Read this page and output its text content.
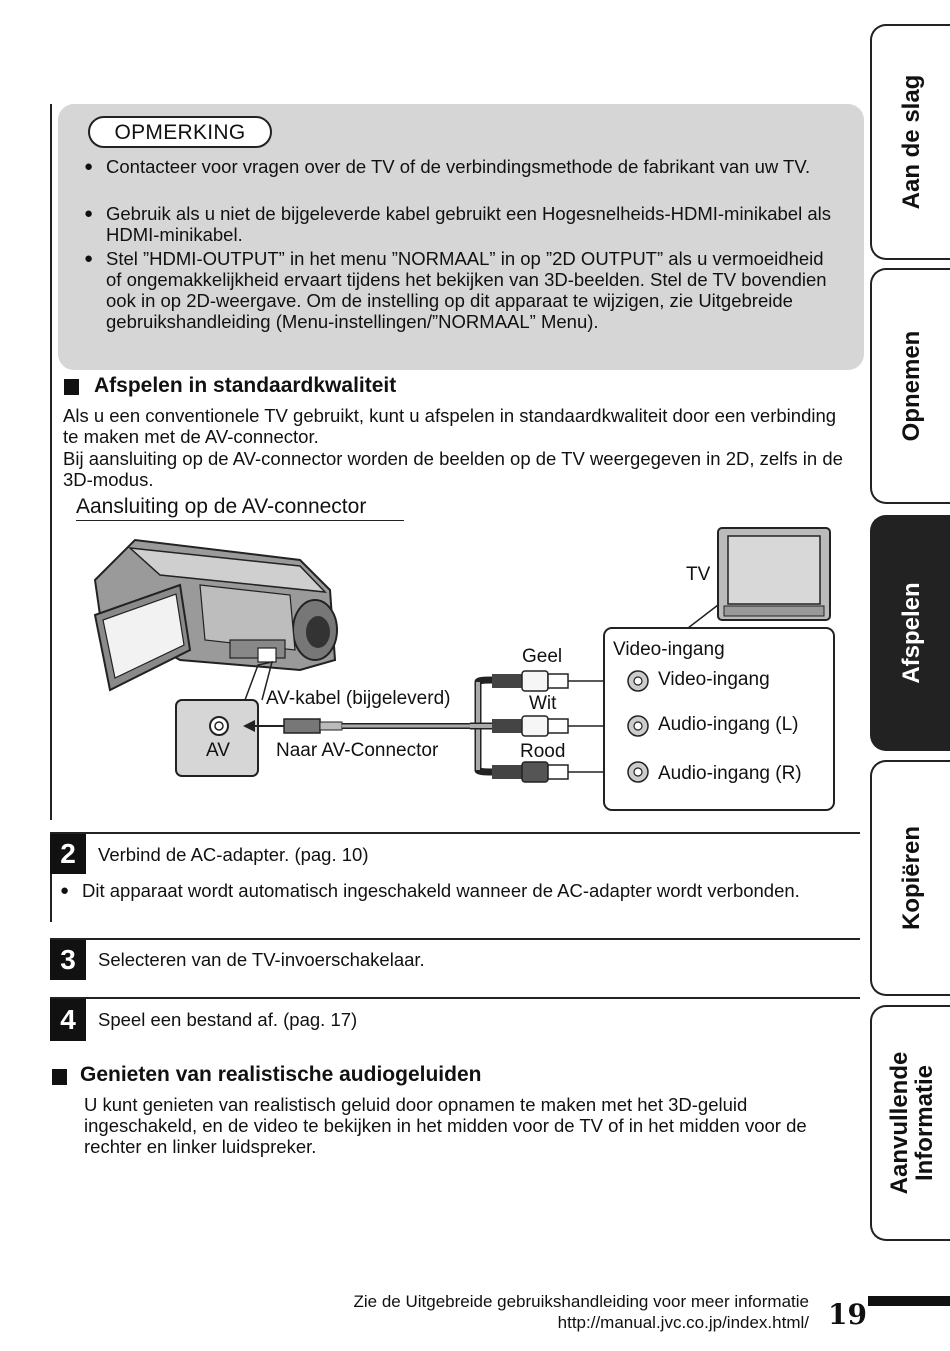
OPMERKING
● Contacteer voor vragen over de TV of de verbindingsmethode de fabrikant van uw TV.
● Gebruik als u niet de bijgeleverde kabel gebruikt een Hogesnelheids-HDMI-minikabel als HDMI-minikabel.
● Stel ”HDMI-OUTPUT” in het menu ”NORMAAL” in op ”2D OUTPUT” als u vermoeidheid of ongemakkelijkheid ervaart tijdens het bekijken van 3D-beelden. Stel de TV bovendien ook in op 2D-weergave. Om de instelling op dit apparaat te wijzigen, zie Uitgebreide gebruikshandleiding (Menu-instellingen/”NORMAAL” Menu).
Afspelen in standaardkwaliteit
Als u een conventionele TV gebruikt, kunt u afspelen in standaardkwaliteit door een verbinding te maken met de AV-connector.
Bij aansluiting op de AV-connector worden de beelden op de TV weergegeven in 2D, zelfs in de 3D-modus.
Aansluiting op de AV-connector
TV
Video-ingang
Video-ingang
Audio-ingang (L)
Audio-ingang (R)
Geel
Wit
Rood
AV-kabel (bijgeleverd)
Naar AV-Connector
AV
2	Verbind de AC-adapter. (pag. 10)
● Dit apparaat wordt automatisch ingeschakeld wanneer de AC-adapter wordt verbonden.
3	Selecteren van de TV-invoerschakelaar.
4	Speel een bestand af. (pag. 17)
Genieten van realistische audiogeluiden
U kunt genieten van realistisch geluid door opnamen te maken met het 3D-geluid ingeschakeld, en de video te bekijken in het midden voor de TV of in het midden voor de rechter en linker luidspreker.
Aan de slag
Opnemen
Afspelen
Kopiëren
Aanvullende Informatie
Zie de Uitgebreide gebruikshandleiding voor meer informatie
http://manual.jvc.co.jp/index.html/ 19
